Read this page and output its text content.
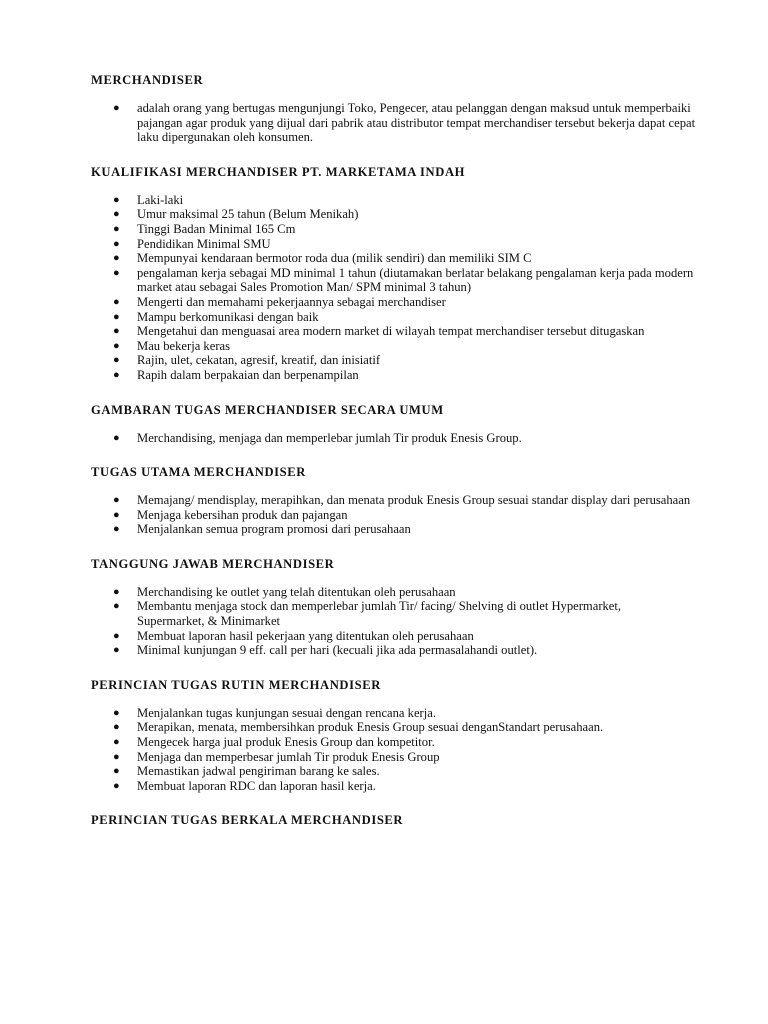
MERCHANDISER
● adalah orang yang bertugas mengunjungi Toko, Pengecer, atau pelanggan dengan maksud untuk memperbaiki pajangan agar produk yang dijual dari pabrik atau distributor tempat merchandiser tersebut bekerja dapat cepat laku dipergunakan oleh konsumen.
KUALIFIKASI MERCHANDISER PT. MARKETAMA INDAH
● Laki-laki
● Umur maksimal 25 tahun (Belum Menikah)
● Tinggi Badan Minimal 165 Cm
● Pendidikan Minimal SMU
● Mempunyai kendaraan bermotor roda dua (milik sendiri) dan memiliki SIM C
● pengalaman kerja sebagai MD minimal 1 tahun (diutamakan berlatar belakang pengalaman kerja pada modern market atau sebagai Sales Promotion Man/ SPM minimal 3 tahun)
● Mengerti dan memahami pekerjaannya sebagai merchandiser
● Mampu berkomunikasi dengan baik
● Mengetahui dan menguasai area modern market di wilayah tempat merchandiser tersebut ditugaskan
● Mau bekerja keras
● Rajin, ulet, cekatan, agresif, kreatif, dan inisiatif
● Rapih dalam berpakaian dan berpenampilan
GAMBARAN TUGAS MERCHANDISER SECARA UMUM
● Merchandising, menjaga dan memperlebar jumlah Tir produk Enesis Group.
TUGAS UTAMA MERCHANDISER
● Memajang/ mendisplay, merapihkan, dan menata produk Enesis Group sesuai standar display dari perusahaan
● Menjaga kebersihan produk dan pajangan
● Menjalankan semua program promosi dari perusahaan
TANGGUNG JAWAB MERCHANDISER
● Merchandising ke outlet yang telah ditentukan oleh perusahaan
● Membantu menjaga stock dan memperlebar jumlah Tir/ facing/ Shelving di outlet Hypermarket, Supermarket, & Minimarket
● Membuat laporan hasil pekerjaan yang ditentukan oleh perusahaan
● Minimal kunjungan 9 eff. call per hari (kecuali jika ada permasalahandi outlet).
PERINCIAN TUGAS RUTIN MERCHANDISER
● Menjalankan tugas kunjungan sesuai dengan rencana kerja.
● Merapikan, menata, membersihkan produk Enesis Group sesuai denganStandart perusahaan.
● Mengecek harga jual produk Enesis Group dan kompetitor.
● Menjaga dan memperbesar jumlah Tir produk Enesis Group
● Memastikan jadwal pengiriman barang ke sales.
● Membuat laporan RDC dan laporan hasil kerja.
PERINCIAN TUGAS BERKALA MERCHANDISER
